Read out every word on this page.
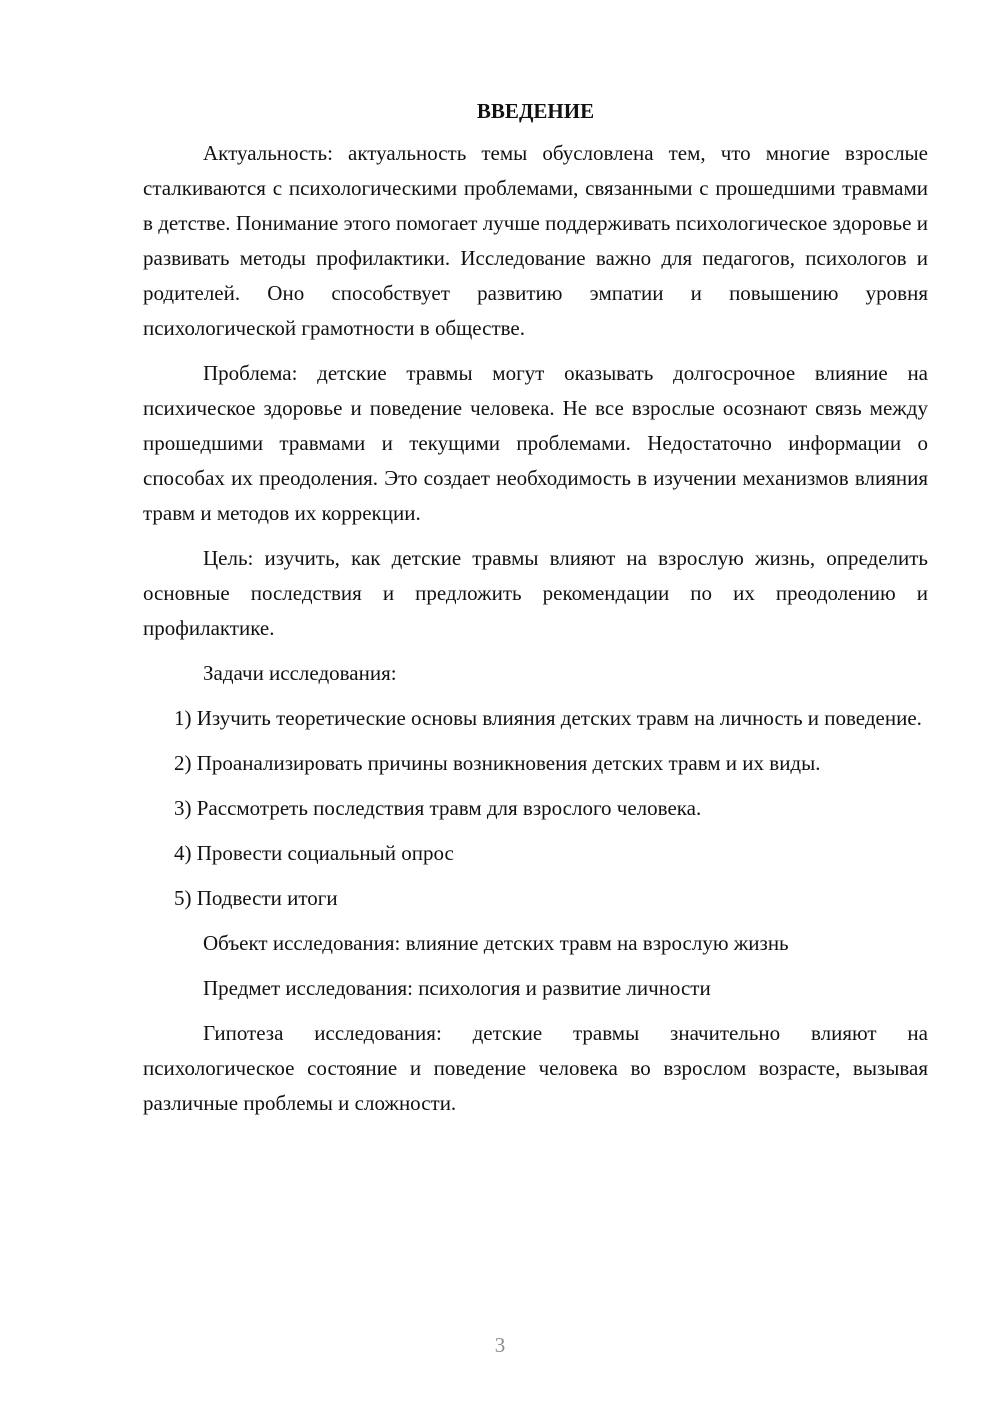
ВВЕДЕНИЕ

Актуальность: актуальность темы обусловлена тем, что многие взрослые сталкиваются с психологическими проблемами, связанными с прошедшими травмами в детстве. Понимание этого помогает лучше поддерживать психологическое здоровье и развивать методы профилактики. Исследование важно для педагогов, психологов и родителей. Оно способствует развитию эмпатии и повышению уровня психологической грамотности в обществе.

Проблема: детские травмы могут оказывать долгосрочное влияние на психическое здоровье и поведение человека. Не все взрослые осознают связь между прошедшими травмами и текущими проблемами. Недостаточно информации о способах их преодоления. Это создает необходимость в изучении механизмов влияния травм и методов их коррекции.

Цель: изучить, как детские травмы влияют на взрослую жизнь, определить основные последствия и предложить рекомендации по их преодолению и профилактике.

Задачи исследования:

1) Изучить теоретические основы влияния детских травм на личность и поведение.

2) Проанализировать причины возникновения детских травм и их виды.

3) Рассмотреть последствия травм для взрослого человека.

4) Провести социальный опрос

5) Подвести итоги

Объект исследования: влияние детских травм на взрослую жизнь

Предмет исследования: психология и развитие личности

Гипотеза исследования: детские травмы значительно влияют на психологическое состояние и поведение человека во взрослом возрасте, вызывая различные проблемы и сложности.

3
